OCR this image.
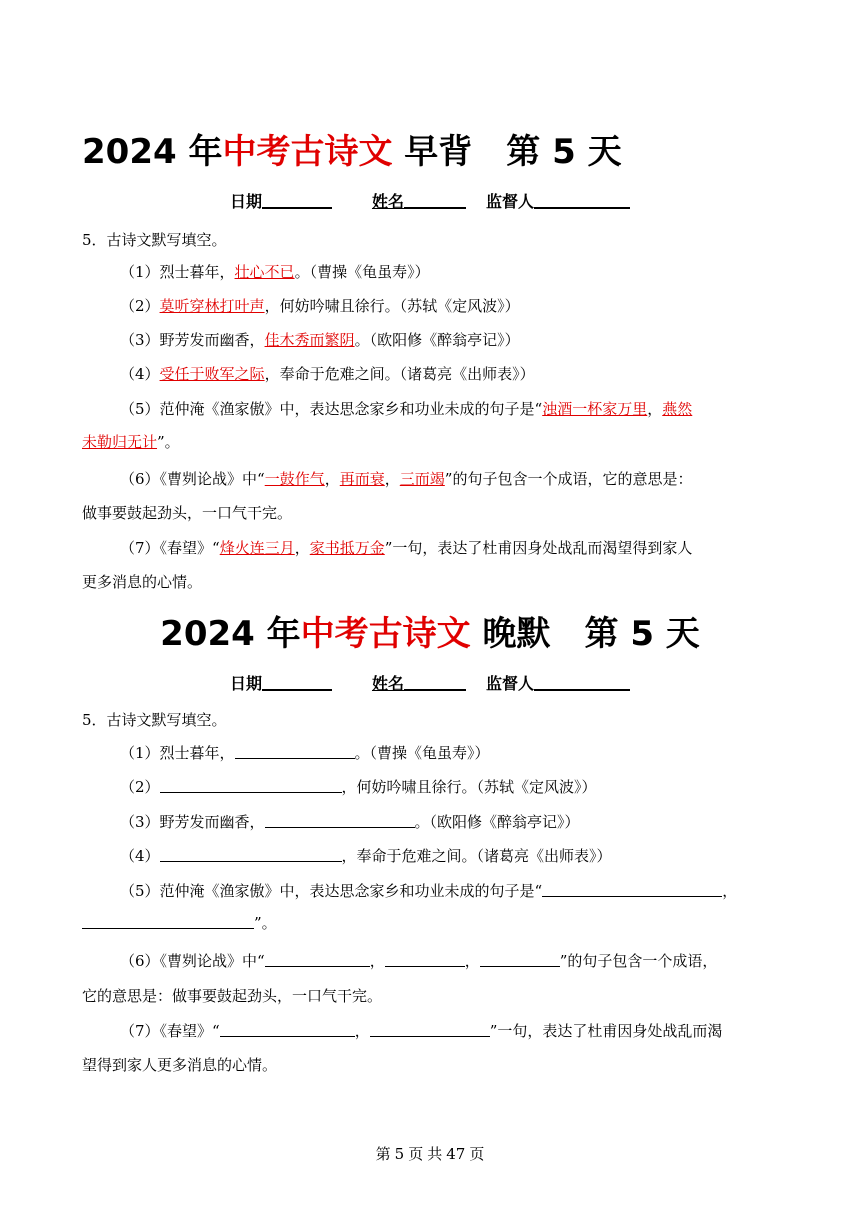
2024 年中考古诗文 早背　第 5 天
日期	姓名	监督人
5．古诗文默写填空。
（1）烈士暮年，壮心不已。（曹操《龟虽寿》）
（2）莫听穿林打叶声，何妨吟啸且徐行。（苏轼《定风波》）
（3）野芳发而幽香，佳木秀而繁阴。（欧阳修《醉翁亭记》）
（4）受任于败军之际，奉命于危难之间。（诸葛亮《出师表》）
（5）范仲淹《渔家傲》中，表达思念家乡和功业未成的句子是“浊酒一杯家万里，燕然
未勒归无计”。
（6）《曹刿论战》中“一鼓作气，再而衰，三而竭”的句子包含一个成语，它的意思是：
做事要鼓起劲头，一口气干完。
（7）《春望》“烽火连三月，家书抵万金”一句，表达了杜甫因身处战乱而渴望得到家人
更多消息的心情。
2024 年中考古诗文 晚默　第 5 天
日期	姓名	监督人
5．古诗文默写填空。
（1）烈士暮年，	。（曹操《龟虽寿》）
（2）	，何妨吟啸且徐行。（苏轼《定风波》）
（3）野芳发而幽香，	。（欧阳修《醉翁亭记》）
（4）	，奉命于危难之间。（诸葛亮《出师表》）
（5）范仲淹《渔家傲》中，表达思念家乡和功业未成的句子是“	，
”。
（6）《曹刿论战》中“	，	，	”的句子包含一个成语，
它的意思是：做事要鼓起劲头，一口气干完。
（7）《春望》“	，	”一句，表达了杜甫因身处战乱而渴
望得到家人更多消息的心情。
第 5 页 共 47 页
